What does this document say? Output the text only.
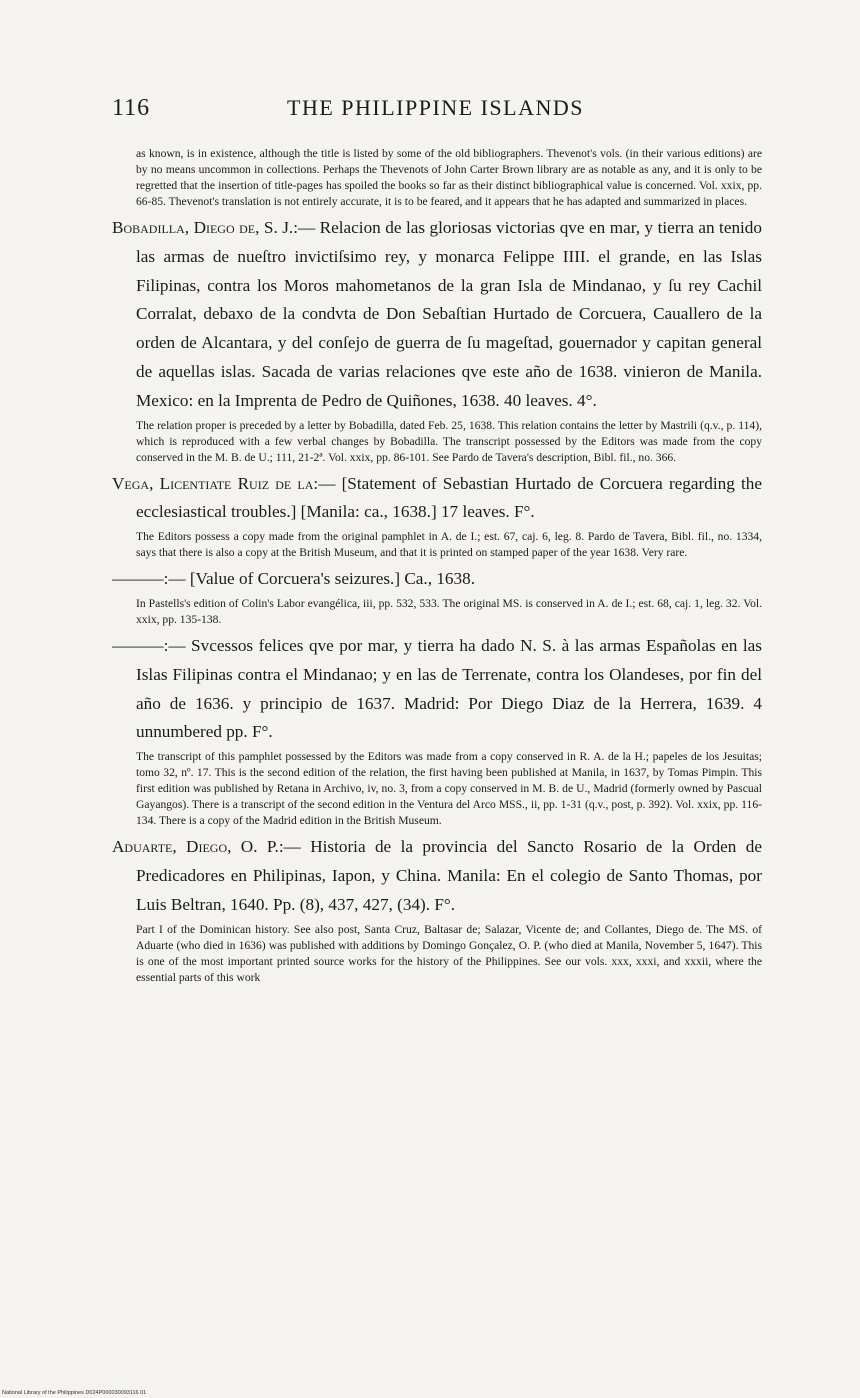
116	THE PHILIPPINE ISLANDS

as known, is in existence, although the title is listed by some of the old bibliographers. Thevenot's vols. (in their various editions) are by no means uncommon in collections. Perhaps the Thevenots of John Carter Brown library are as notable as any, and it is only to be regretted that the insertion of title-pages has spoiled the books so far as their distinct bibliographical value is concerned. Vol. xxix, pp. 66-85. Thevenot's translation is not entirely accurate, it is to be feared, and it appears that he has adapted and summarized in places.

Bobadilla, Diego de, S. J.:— Relacion de las gloriosas victorias qve en mar, y tierra an tenido las armas de nueſtro invictiſsimo rey, y monarca Felippe IIII. el grande, en las Islas Filipinas, contra los Moros mahometanos de la gran Isla de Mindanao, y ſu rey Cachil Corralat, debaxo de la condvta de Don Sebaſtian Hurtado de Corcuera, Cauallero de la orden de Alcantara, y del conſejo de guerra de ſu mageſtad, gouernador y capitan general de aquellas islas. Sacada de varias relaciones qve este año de 1638. vinieron de Manila. Mexico: en la Imprenta de Pedro de Quiñones, 1638. 40 leaves. 4°.

The relation proper is preceded by a letter by Bobadilla, dated Feb. 25, 1638. This relation contains the letter by Mastrili (q.v., p. 114), which is reproduced with a few verbal changes by Bobadilla. The transcript possessed by the Editors was made from the copy conserved in the M. B. de U.; 111, 21-2ª. Vol. xxix, pp. 86-101. See Pardo de Tavera's description, Bibl. fil., no. 366.

Vega, Licentiate Ruiz de la:— [Statement of Sebastian Hurtado de Corcuera regarding the ecclesiastical troubles.] [Manila: ca., 1638.] 17 leaves. F°.

The Editors possess a copy made from the original pamphlet in A. de I.; est. 67, caj. 6, leg. 8. Pardo de Tavera, Bibl. fil., no. 1334, says that there is also a copy at the British Museum, and that it is printed on stamped paper of the year 1638. Very rare.

———:— [Value of Corcuera's seizures.] Ca., 1638.

In Pastells's edition of Colin's Labor evangélica, iii, pp. 532, 533. The original MS. is conserved in A. de I.; est. 68, caj. 1, leg. 32. Vol. xxix, pp. 135-138.

———:— Svcessos felices qve por mar, y tierra ha dado N. S. à las armas Españolas en las Islas Filipinas contra el Mindanao; y en las de Terrenate, contra los Olandeses, por fin del año de 1636. y principio de 1637. Madrid: Por Diego Diaz de la Herrera, 1639. 4 unnumbered pp. F°.

The transcript of this pamphlet possessed by the Editors was made from a copy conserved in R. A. de la H.; papeles de los Jesuitas; tomo 32, nº. 17. This is the second edition of the relation, the first having been published at Manila, in 1637, by Tomas Pimpin. This first edition was published by Retana in Archivo, iv, no. 3, from a copy conserved in M. B. de U., Madrid (formerly owned by Pascual Gayangos). There is a transcript of the second edition in the Ventura del Arco MSS., ii, pp. 1-31 (q.v., post, p. 392). Vol. xxix, pp. 116-134. There is a copy of the Madrid edition in the British Museum.

Aduarte, Diego, O. P.:— Historia de la provincia del Sancto Rosario de la Orden de Predicadores en Philipinas, Iapon, y China. Manila: En el colegio de Santo Thomas, por Luis Beltran, 1640. Pp. (8), 437, 427, (34). F°.

Part I of the Dominican history. See also post, Santa Cruz, Baltasar de; Salazar, Vicente de; and Collantes, Diego de. The MS. of Aduarte (who died in 1636) was published with additions by Domingo Gonçalez, O. P. (who died at Manila, November 5, 1647). This is one of the most important printed source works for the history of the Philippines. See our vols. xxx, xxxi, and xxxii, where the essential parts of this work

National Library of the Philippines D024P000030093116 01
